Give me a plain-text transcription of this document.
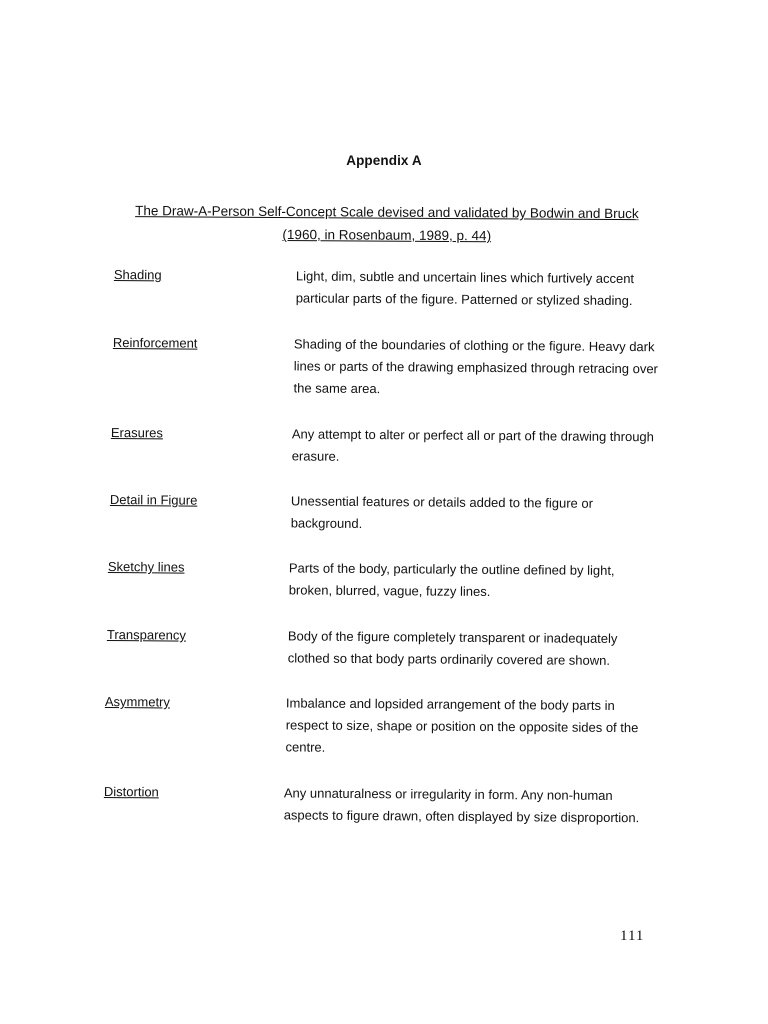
Appendix A
The Draw-A-Person Self-Concept Scale devised and validated by Bodwin and Bruck
(1960, in Rosenbaum, 1989, p. 44)
Shading	Light, dim, subtle and uncertain lines which furtively accent particular parts of the figure. Patterned or stylized shading.
Reinforcement	Shading of the boundaries of clothing or the figure. Heavy dark lines or parts of the drawing emphasized through retracing over the same area.
Erasures	Any attempt to alter or perfect all or part of the drawing through erasure.
Detail in Figure	Unessential features or details added to the figure or background.
Sketchy lines	Parts of the body, particularly the outline defined by light, broken, blurred, vague, fuzzy lines.
Transparency	Body of the figure completely transparent or inadequately clothed so that body parts ordinarily covered are shown.
Asymmetry	Imbalance and lopsided arrangement of the body parts in respect to size, shape or position on the opposite sides of the centre.
Distortion	Any unnaturalness or irregularity in form. Any non-human aspects to figure drawn, often displayed by size disproportion.
111
